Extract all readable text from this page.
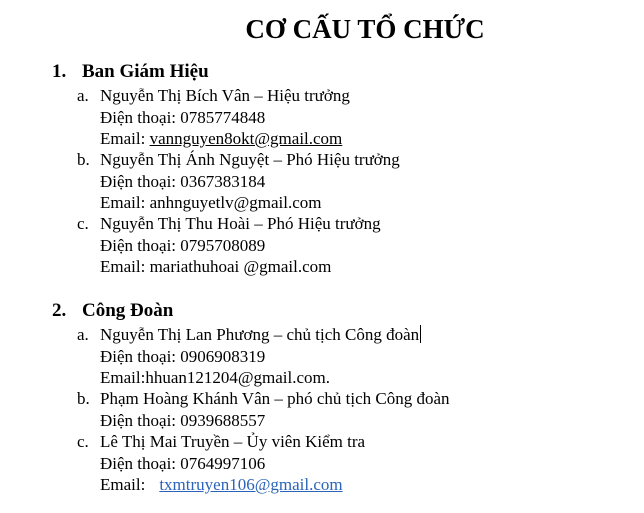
CƠ CẤU TỔ CHỨC
1. Ban Giám Hiệu
a. Nguyễn Thị Bích Vân – Hiệu trưởng
Điện thoại: 0785774848
Email: vannguyen8okt@gmail.com
b. Nguyễn Thị Ánh Nguyệt – Phó Hiệu trưởng
Điện thoại: 0367383184
Email: anhnguyetlv@gmail.com
c. Nguyễn Thị Thu Hoài – Phó Hiệu trưởng
Điện thoại: 0795708089
Email: mariathuhoai @gmail.com
2. Công Đoàn
a. Nguyễn Thị Lan Phương – chủ tịch Công đoàn
Điện thoại: 0906908319
Email:hhuan121204@gmail.com.
b. Phạm Hoàng Khánh Vân – phó chủ tịch Công đoàn
Điện thoại: 0939688557
c. Lê Thị Mai Truyền – Ủy viên Kiểm tra
Điện thoại: 0764997106
Email: txmtruyen106@gmail.com
